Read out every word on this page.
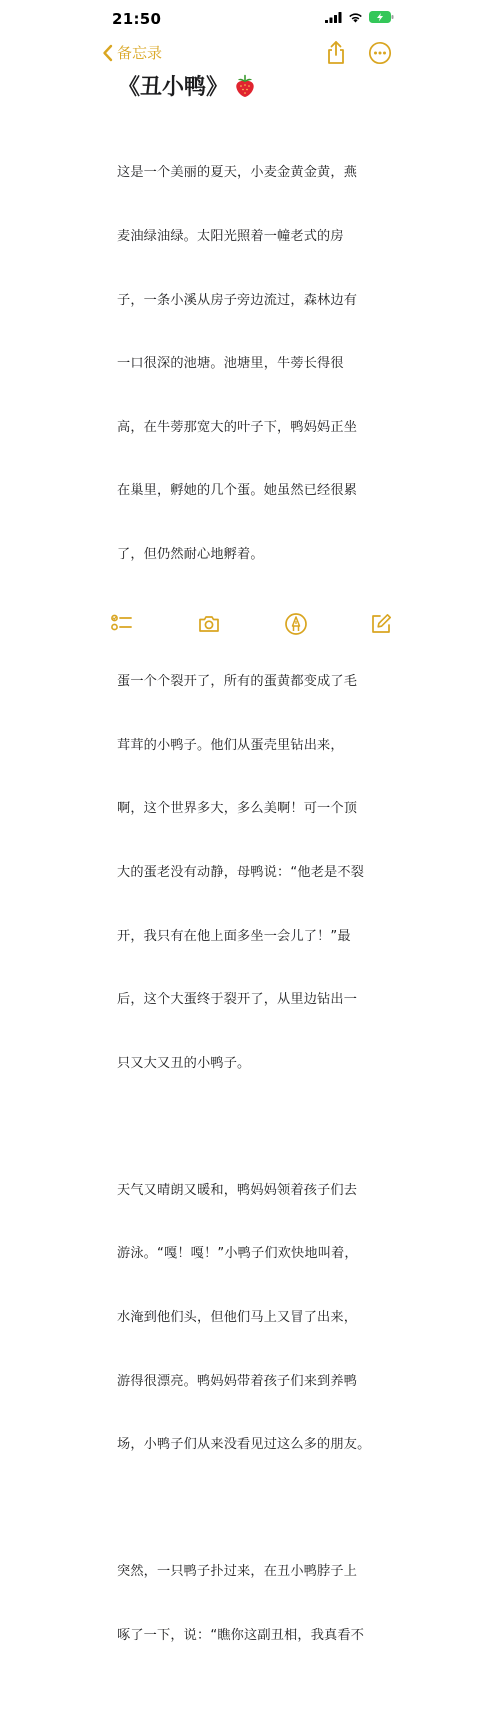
21:50
备忘录
《丑小鸭》

这是一个美丽的夏天，小麦金黄金黄，燕

麦油绿油绿。太阳光照着一幢老式的房

子，一条小溪从房子旁边流过，森林边有

一口很深的池塘。池塘里，牛蒡长得很

高，在牛蒡那宽大的叶子下，鸭妈妈正坐

在巢里，孵她的几个蛋。她虽然已经很累

了，但仍然耐心地孵着。

蛋一个个裂开了，所有的蛋黄都变成了毛

茸茸的小鸭子。他们从蛋壳里钻出来，

啊，这个世界多大，多么美啊！可一个顶

大的蛋老没有动静，母鸭说：“他老是不裂

开，我只有在他上面多坐一会儿了！”最

后，这个大蛋终于裂开了，从里边钻出一

只又大又丑的小鸭子。

天气又晴朗又暖和，鸭妈妈领着孩子们去

游泳。“嘎！嘎！”小鸭子们欢快地叫着，

水淹到他们头，但他们马上又冒了出来，

游得很漂亮。鸭妈妈带着孩子们来到养鸭

场，小鸭子们从来没看见过这么多的朋友。

突然，一只鸭子扑过来，在丑小鸭脖子上

啄了一下，说：“瞧你这副丑相，我真看不
